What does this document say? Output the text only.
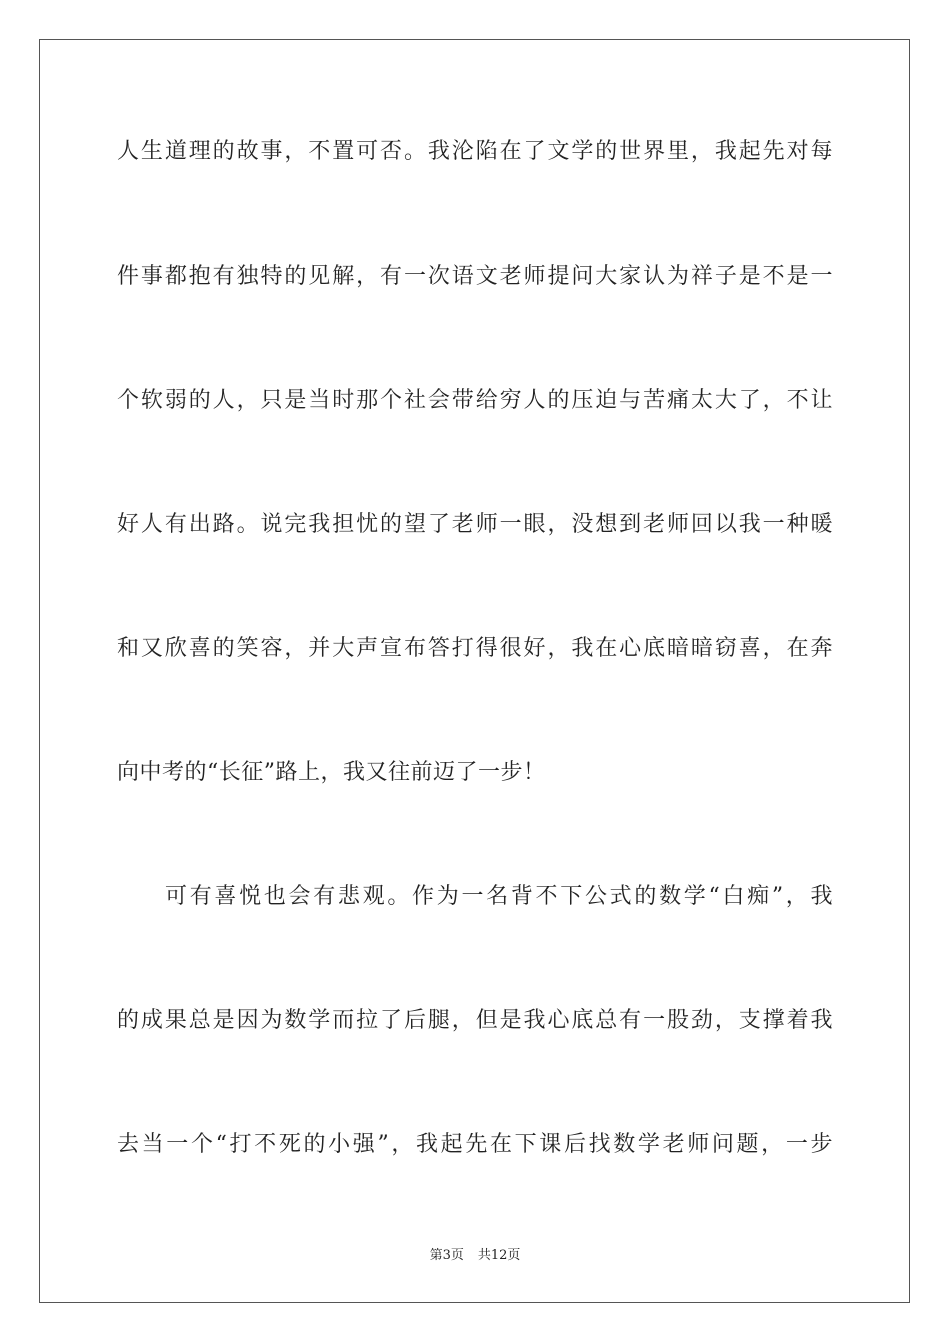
人生道理的故事，不置可否。我沦陷在了文学的世界里，我起先对每
件事都抱有独特的见解，有一次语文老师提问大家认为祥子是不是一
个软弱的人，只是当时那个社会带给穷人的压迫与苦痛太大了，不让
好人有出路。说完我担忧的望了老师一眼，没想到老师回以我一种暖
和又欣喜的笑容，并大声宣布答打得很好，我在心底暗暗窃喜，在奔
向中考的“长征”路上，我又往前迈了一步！
可有喜悦也会有悲观。作为一名背不下公式的数学“白痴”，我
的成果总是因为数学而拉了后腿，但是我心底总有一股劲，支撑着我
去当一个“打不死的小强”，我起先在下课后找数学老师问题，一步
第3页 共12页
